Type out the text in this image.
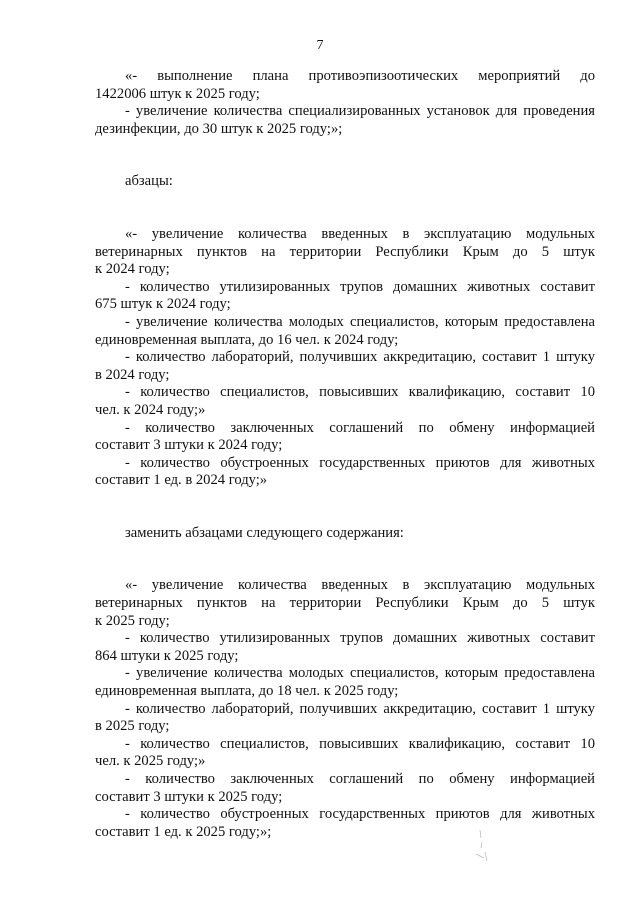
7
«- выполнение плана противоэпизоотических мероприятий до
1422006 штук к 2025 году;
- увеличение количества специализированных установок для проведения
дезинфекции, до 30 штук к 2025 году;»;
абзацы:
«- увеличение количества введенных в эксплуатацию модульных
ветеринарных пунктов на территории Республики Крым до 5 штук
к 2024 году;
- количество утилизированных трупов домашних животных составит
675 штук к 2024 году;
- увеличение количества молодых специалистов, которым предоставлена
единовременная выплата, до 16 чел. к 2024 году;
- количество лабораторий, получивших аккредитацию, составит 1 штуку
в 2024 году;
- количество специалистов, повысивших квалификацию, составит 10
чел. к 2024 году;»
- количество заключенных соглашений по обмену информацией
составит 3 штуки к 2024 году;
- количество обустроенных государственных приютов для животных
составит 1 ед. в 2024 году;»
заменить абзацами следующего содержания:
«- увеличение количества введенных в эксплуатацию модульных
ветеринарных пунктов на территории Республики Крым до 5 штук
к 2025 году;
- количество утилизированных трупов домашних животных составит
864 штуки к 2025 году;
- увеличение количества молодых специалистов, которым предоставлена
единовременная выплата, до 18 чел. к 2025 году;
- количество лабораторий, получивших аккредитацию, составит 1 штуку
в 2025 году;
- количество специалистов, повысивших квалификацию, составит 10
чел. к 2025 году;»
- количество заключенных соглашений по обмену информацией
составит 3 штуки к 2025 году;
- количество обустроенных государственных приютов для животных
составит 1 ед. к 2025 году;»;
